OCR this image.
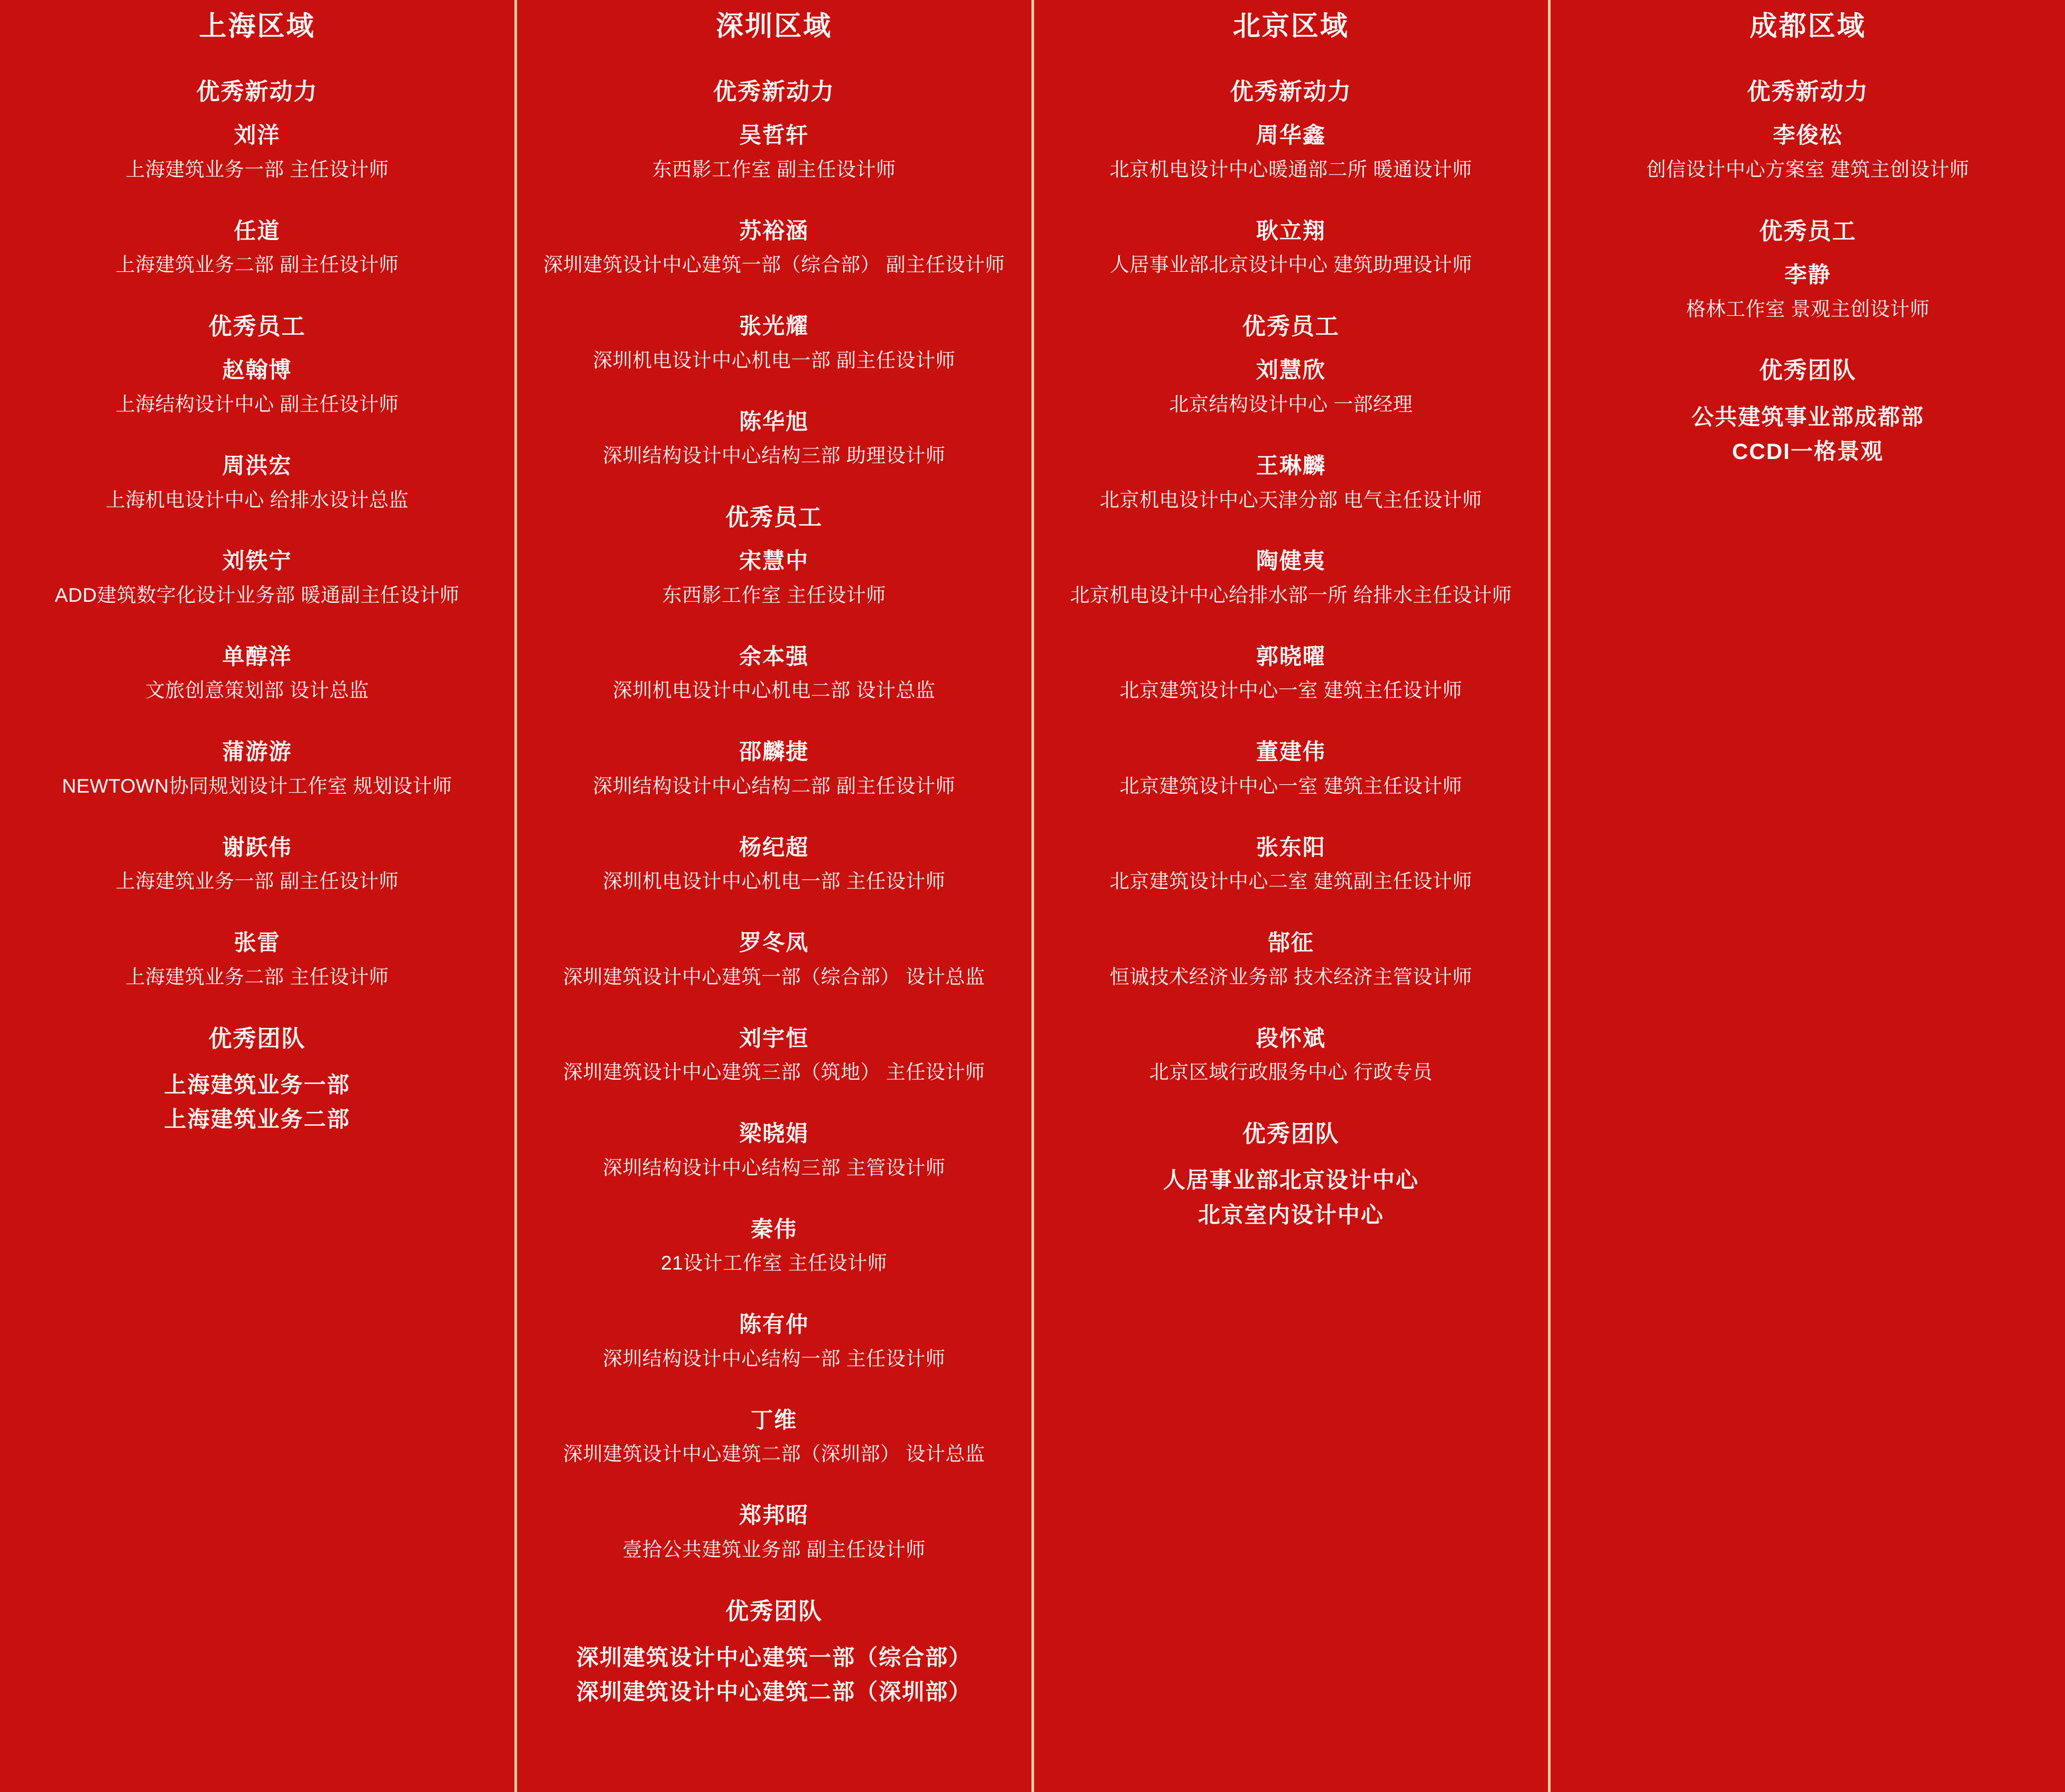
上海区域
优秀新动力
刘洋
上海建筑业务一部 主任设计师
任道
上海建筑业务二部 副主任设计师
优秀员工
赵翰博
上海结构设计中心 副主任设计师
周洪宏
上海机电设计中心 给排水设计总监
刘铁宁
ADD建筑数字化设计业务部 暖通副主任设计师
单醇洋
文旅创意策划部 设计总监
蒲游游
NEWTOWN协同规划设计工作室 规划设计师
谢跃伟
上海建筑业务一部 副主任设计师
张雷
上海建筑业务二部 主任设计师
优秀团队
上海建筑业务一部
上海建筑业务二部
深圳区域
优秀新动力
吴哲轩
东西影工作室 副主任设计师
苏裕涵
深圳建筑设计中心建筑一部（综合部） 副主任设计师
张光耀
深圳机电设计中心机电一部 副主任设计师
陈华旭
深圳结构设计中心结构三部 助理设计师
优秀员工
宋慧中
东西影工作室 主任设计师
余本强
深圳机电设计中心机电二部 设计总监
邵麟捷
深圳结构设计中心结构二部 副主任设计师
杨纪超
深圳机电设计中心机电一部 主任设计师
罗冬凤
深圳建筑设计中心建筑一部（综合部） 设计总监
刘宇恒
深圳建筑设计中心建筑三部（筑地） 主任设计师
梁晓娟
深圳结构设计中心结构三部 主管设计师
秦伟
21设计工作室 主任设计师
陈有仲
深圳结构设计中心结构一部 主任设计师
丁维
深圳建筑设计中心建筑二部（深圳部） 设计总监
郑邦昭
壹拾公共建筑业务部 副主任设计师
优秀团队
深圳建筑设计中心建筑一部（综合部）
深圳建筑设计中心建筑二部（深圳部）
北京区域
优秀新动力
周华鑫
北京机电设计中心暖通部二所 暖通设计师
耿立翔
人居事业部北京设计中心 建筑助理设计师
优秀员工
刘慧欣
北京结构设计中心 一部经理
王琳麟
北京机电设计中心天津分部 电气主任设计师
陶健夷
北京机电设计中心给排水部一所 给排水主任设计师
郭晓曜
北京建筑设计中心一室 建筑主任设计师
董建伟
北京建筑设计中心一室 建筑主任设计师
张东阳
北京建筑设计中心二室 建筑副主任设计师
郜征
恒诚技术经济业务部 技术经济主管设计师
段怀斌
北京区域行政服务中心 行政专员
优秀团队
人居事业部北京设计中心
北京室内设计中心
成都区域
优秀新动力
李俊松
创信设计中心方案室 建筑主创设计师
优秀员工
李静
格林工作室 景观主创设计师
优秀团队
公共建筑事业部成都部
CCDI一格景观
